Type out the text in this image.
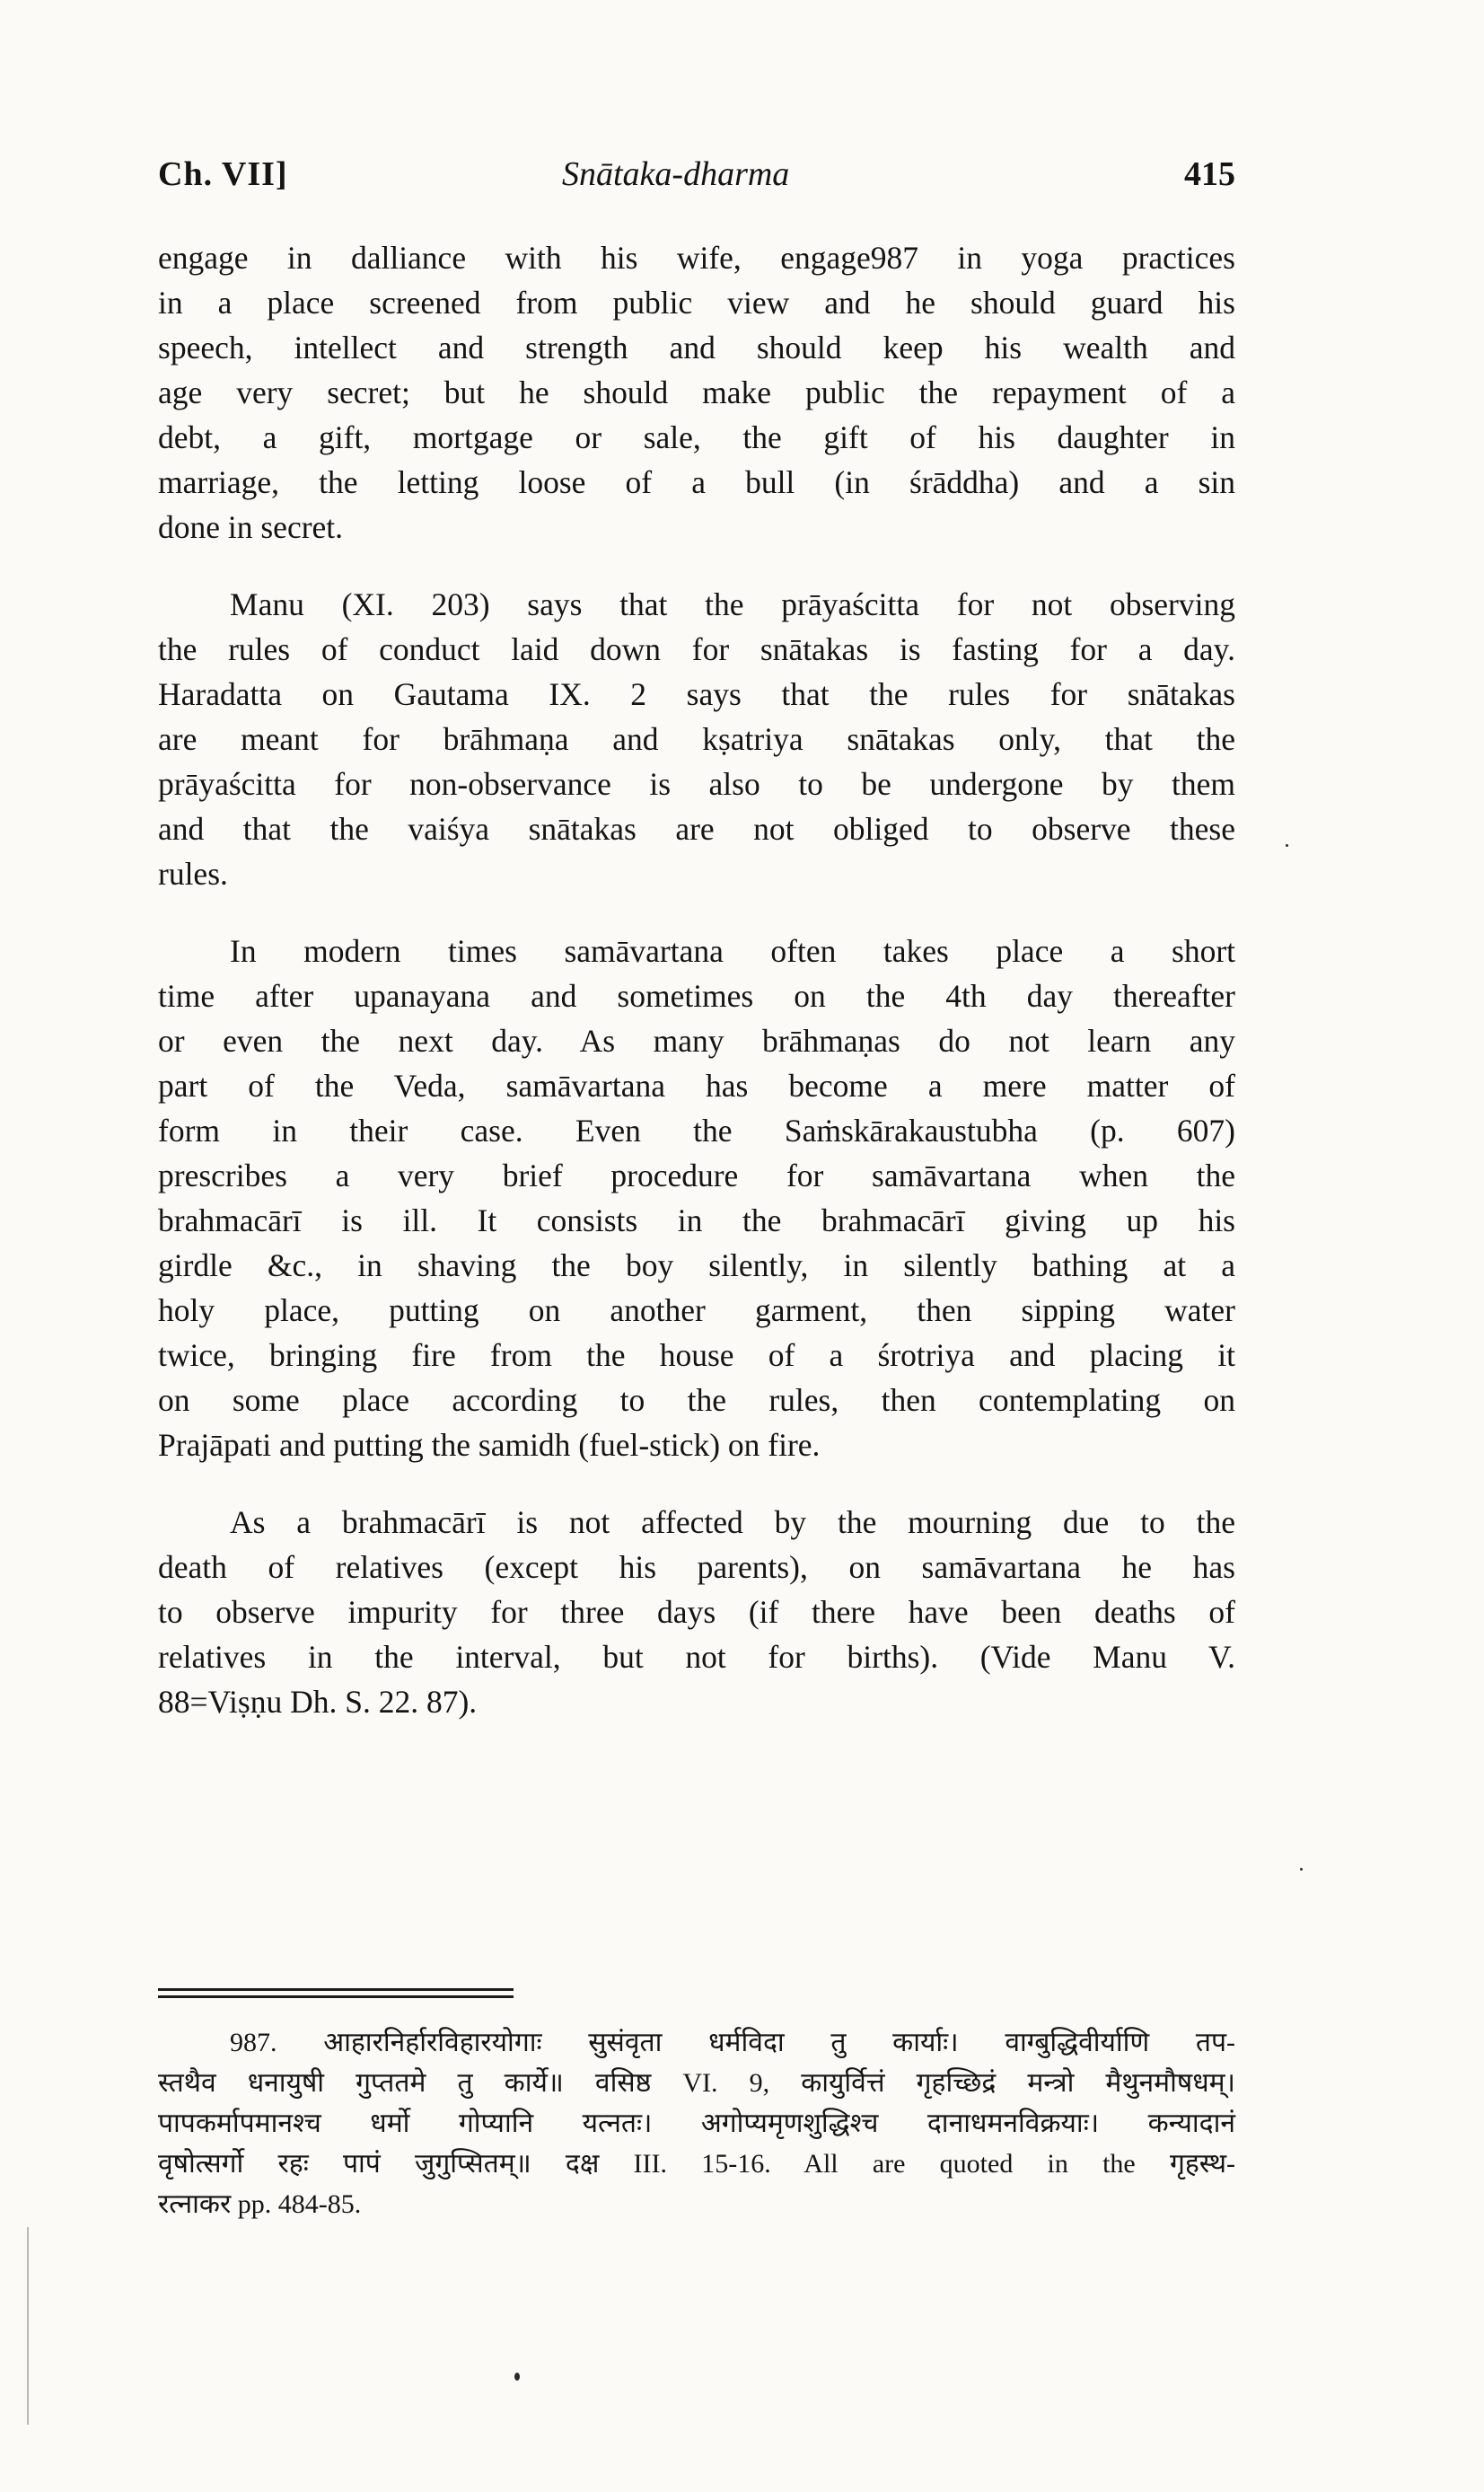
Ch. VII]	Snātaka-dharma	415
engage in dalliance with his wife, engage987 in yoga practices
in a place screened from public view and he should guard his
speech, intellect and strength and should keep his wealth and
age very secret; but he should make public the repayment of a
debt, a gift, mortgage or sale, the gift of his daughter in
marriage, the letting loose of a bull (in śrāddha) and a sin
done in secret.
Manu (XI. 203) says that the prāyaścitta for not observing
the rules of conduct laid down for snātakas is fasting for a day.
Haradatta on Gautama IX. 2 says that the rules for snātakas
are meant for brāhmaṇa and kṣatriya snātakas only, that the
prāyaścitta for non-observance is also to be undergone by them
and that the vaiśya snātakas are not obliged to observe these
rules.
In modern times samāvartana often takes place a short
time after upanayana and sometimes on the 4th day thereafter
or even the next day. As many brāhmaṇas do not learn any
part of the Veda, samāvartana has become a mere matter of
form in their case. Even the Saṁskārakaustubha (p. 607)
prescribes a very brief procedure for samāvartana when the
brahmacārī is ill. It consists in the brahmacārī giving up his
girdle &c., in shaving the boy silently, in silently bathing at a
holy place, putting on another garment, then sipping water
twice, bringing fire from the house of a śrotriya and placing it
on some place according to the rules, then contemplating on
Prajāpati and putting the samidh (fuel-stick) on fire.
As a brahmacārī is not affected by the mourning due to the
death of relatives (except his parents), on samāvartana he has
to observe impurity for three days (if there have been deaths of
relatives in the interval, but not for births). (Vide Manu V.
88=Viṣṇu Dh. S. 22. 87).
987. आहारनिर्हारविहारयोगाः सुसंवृता धर्मविदा तु कार्याः। वाग्बुद्धिवीर्याणि तप-
स्तथैव धनायुषी गुप्ततमे तु कार्ये॥ वसिष्ठ VI. 9, कायुर्वित्तं गृहच्छिद्रं मन्त्रो मैथुनमौषधम्।
पापकर्मापमानश्च धर्मो गोप्यानि यत्नतः। अगोप्यमृणशुद्धिश्च दानाधमनविक्रयाः। कन्यादानं
वृषोत्सर्गो रहः पापं जुगुप्सितम्॥ दक्ष III. 15-16. All are quoted in the गृहस्थ-
रत्नाकर pp. 484-85.
